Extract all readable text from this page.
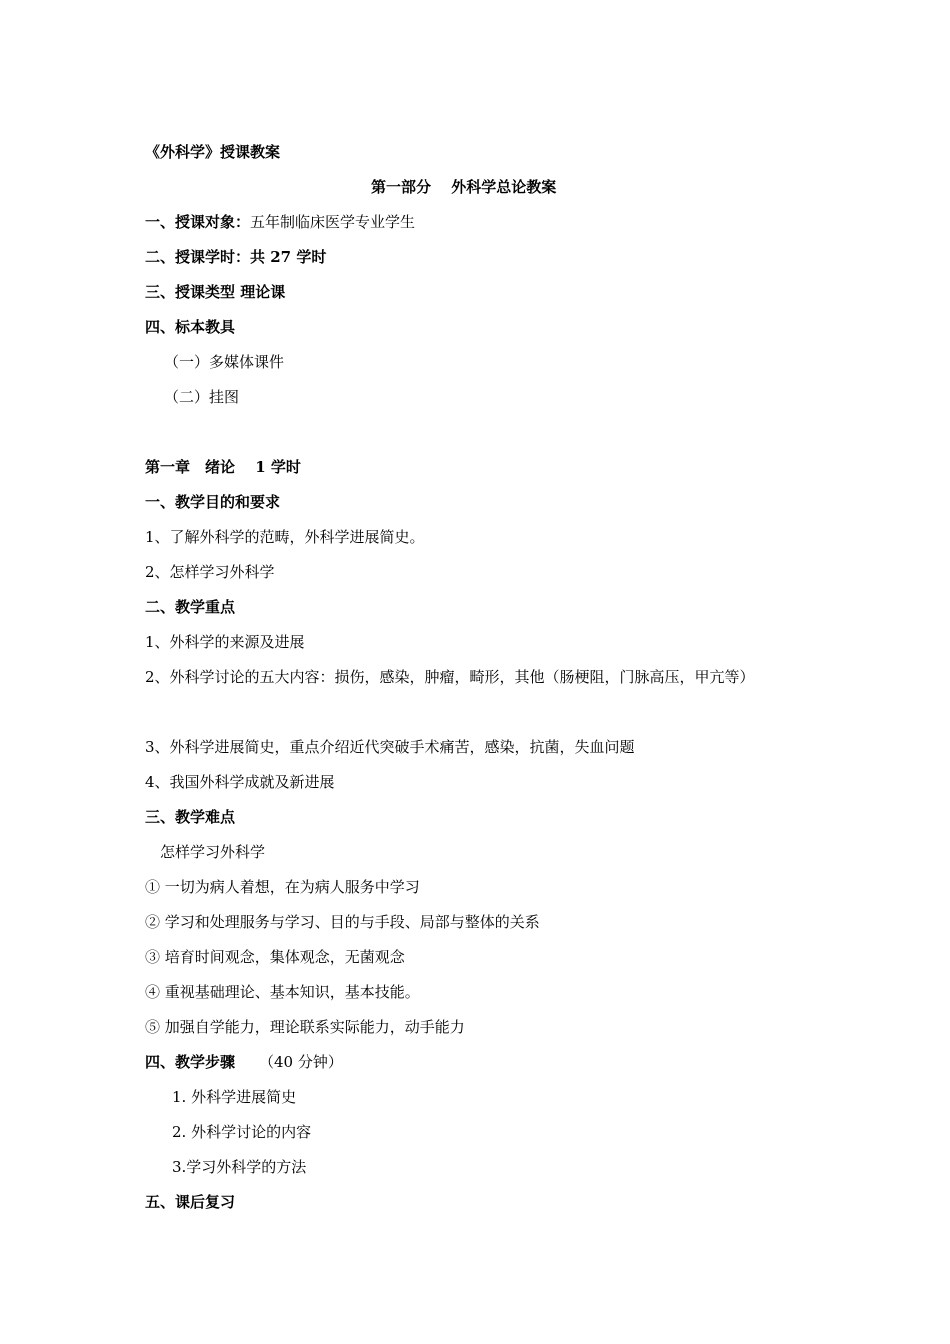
《外科学》授课教案
第一部分　 外科学总论教案
一、授课对象：五年制临床医学专业学生
二、授课学时：共 27 学时
三、授课类型 理论课
四、标本教具
（一）多媒体课件
（二）挂图
第一章　绪论　 1 学时
一、教学目的和要求
1、了解外科学的范畴，外科学进展简史。
2、怎样学习外科学
二、教学重点
1、外科学的来源及进展
2、外科学讨论的五大内容：损伤，感染，肿瘤，畸形，其他（肠梗阻，门脉高压，甲亢等）
3、外科学进展简史，重点介绍近代突破手术痛苦，感染，抗菌，失血问题
4、我国外科学成就及新进展
三、教学难点
怎样学习外科学
① 一切为病人着想，在为病人服务中学习
② 学习和处理服务与学习、目的与手段、局部与整体的关系
③ 培育时间观念，集体观念，无菌观念
④ 重视基础理论、基本知识，基本技能。
⑤ 加强自学能力，理论联系实际能力，动手能力
四、教学步骤 （40 分钟）
1. 外科学进展简史
2. 外科学讨论的内容
3.学习外科学的方法
五、课后复习
